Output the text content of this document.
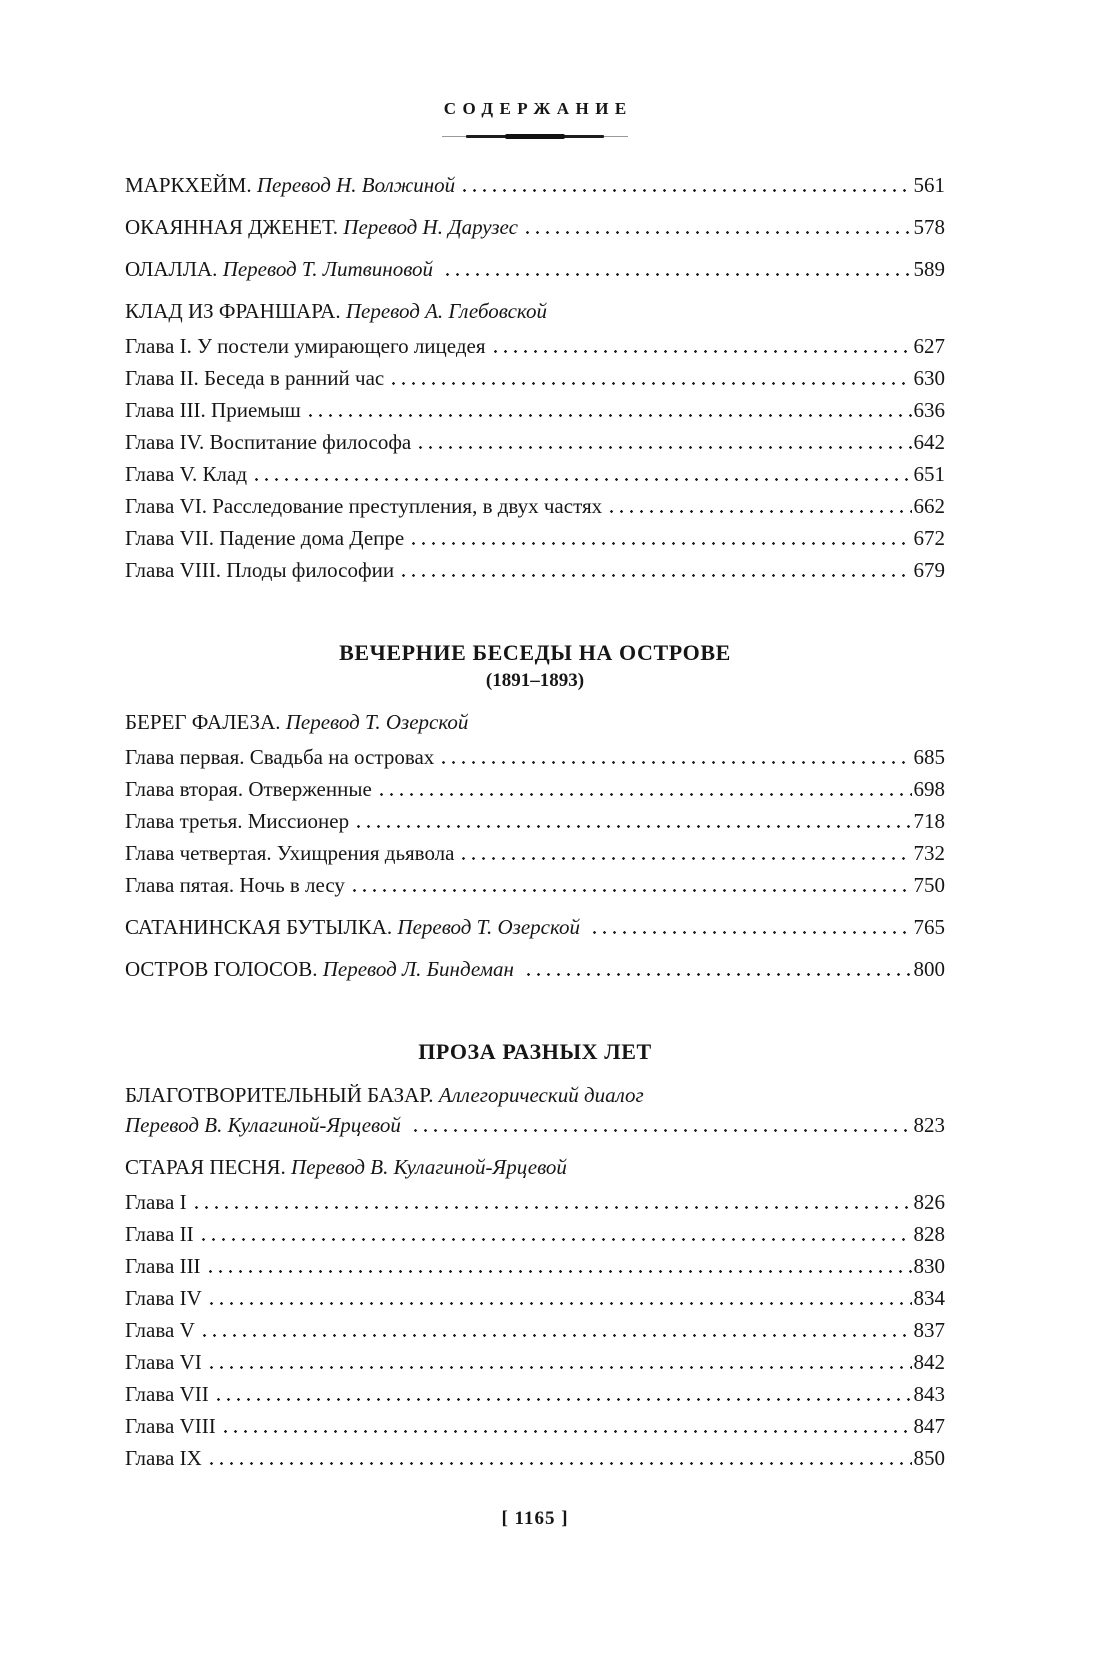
СОДЕРЖАНИЕ
МАРКХЕЙМ. Перевод Н. Волжиной	561
ОКАЯННАЯ ДЖЕНЕТ. Перевод Н. Дарузес	578
ОЛАЛЛА. Перевод Т. Литвиновой	589
КЛАД ИЗ ФРАНШАРА. Перевод А. Глебовской
Глава I. У постели умирающего лицедея	627
Глава II. Беседа в ранний час	630
Глава III. Приемыш	636
Глава IV. Воспитание философа	642
Глава V. Клад	651
Глава VI. Расследование преступления, в двух частях	662
Глава VII. Падение дома Депре	672
Глава VIII. Плоды философии	679
ВЕЧЕРНИЕ БЕСЕДЫ НА ОСТРОВЕ
(1891–1893)
БЕРЕГ ФАЛЕЗА. Перевод Т. Озерской
Глава первая. Свадьба на островах	685
Глава вторая. Отверженные	698
Глава третья. Миссионер	718
Глава четвертая. Ухищрения дьявола	732
Глава пятая. Ночь в лесу	750
САТАНИНСКАЯ БУТЫЛКА. Перевод Т. Озерской	765
ОСТРОВ ГОЛОСОВ. Перевод Л. Биндеман	800
ПРОЗА РАЗНЫХ ЛЕТ
БЛАГОТВОРИТЕЛЬНЫЙ БАЗАР. Аллегорический диалог
Перевод В. Кулагиной-Ярцевой	823
СТАРАЯ ПЕСНЯ. Перевод В. Кулагиной-Ярцевой
Глава I	826
Глава II	828
Глава III	830
Глава IV	834
Глава V	837
Глава VI	842
Глава VII	843
Глава VIII	847
Глава IX	850
[ 1165 ]
